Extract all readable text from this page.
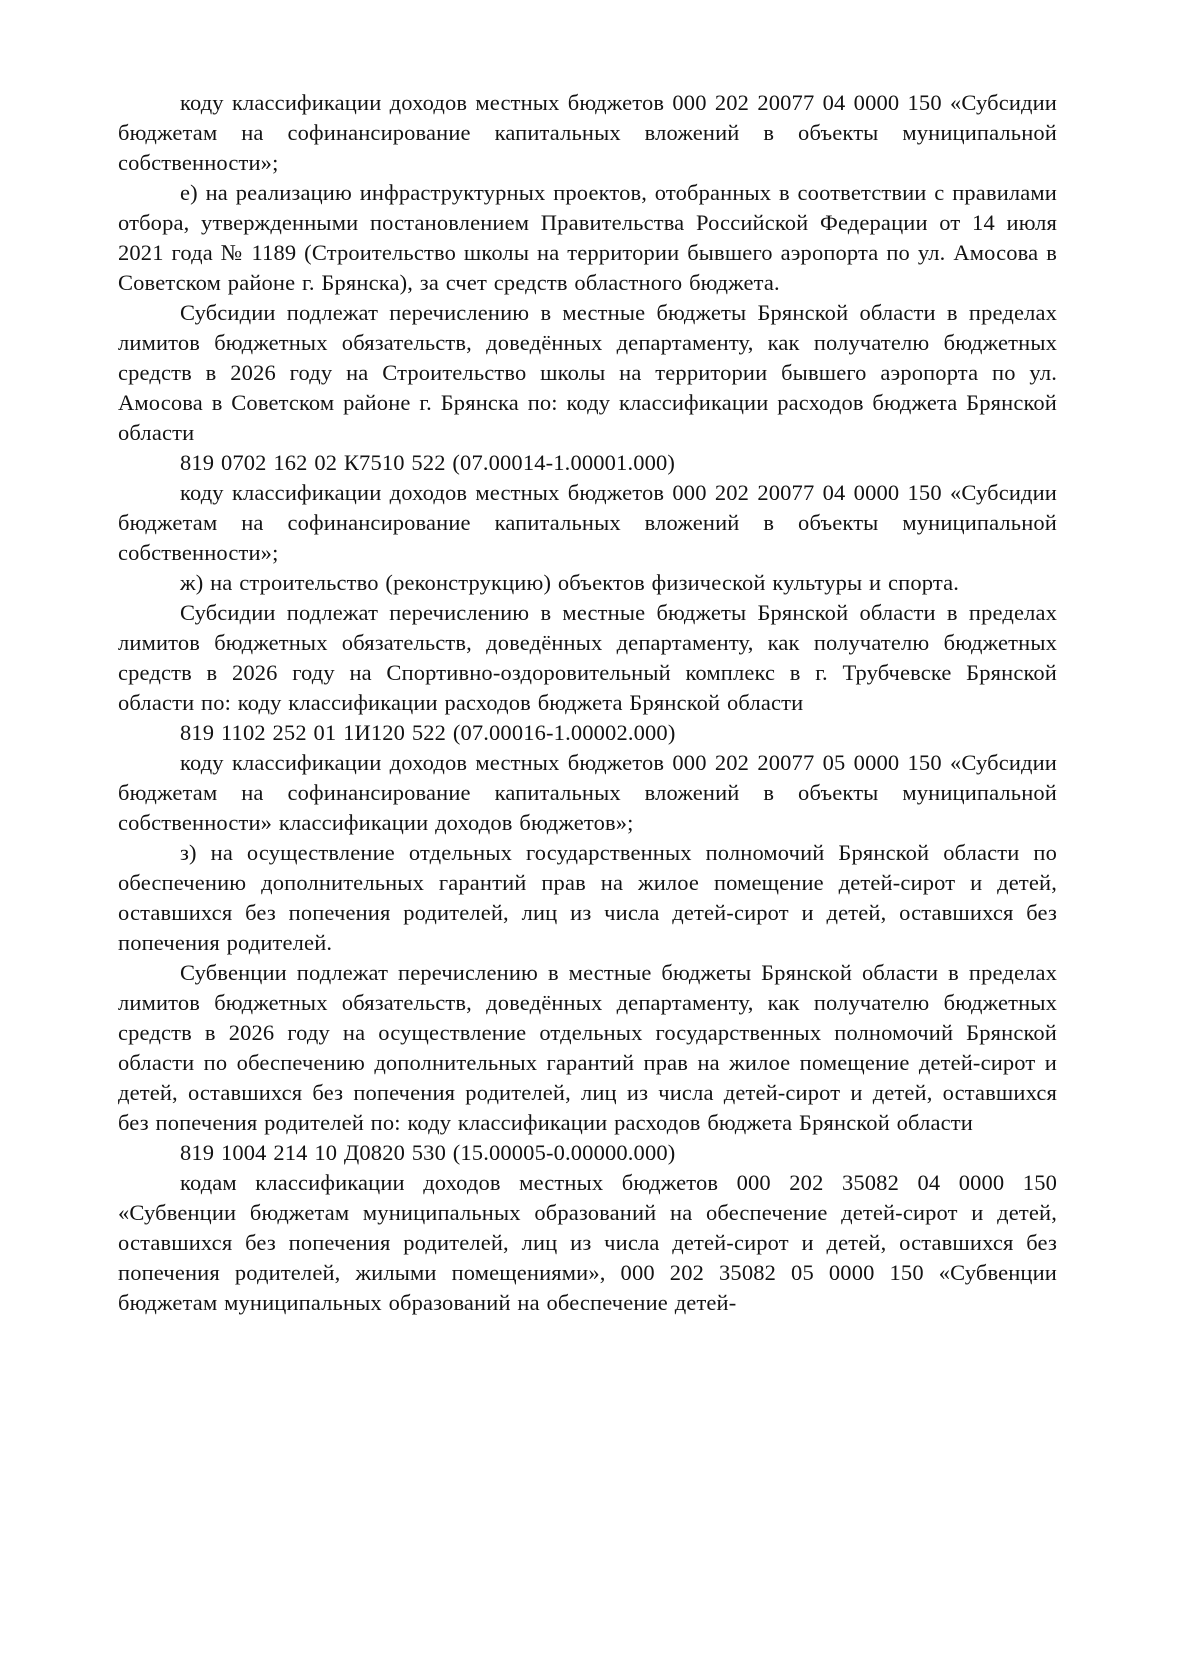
коду классификации доходов местных бюджетов 000 202 20077 04 0000 150 «Субсидии бюджетам на софинансирование капитальных вложений в объекты муниципальной собственности»;

е) на реализацию инфраструктурных проектов, отобранных в соответствии с правилами отбора, утвержденными постановлением Правительства Российской Федерации от 14 июля 2021 года № 1189 (Строительство школы на территории бывшего аэропорта по ул. Амосова в Советском районе г. Брянска), за счет средств областного бюджета.

Субсидии подлежат перечислению в местные бюджеты Брянской области в пределах лимитов бюджетных обязательств, доведённых департаменту, как получателю бюджетных средств в 2026 году на Строительство школы на территории бывшего аэропорта по ул. Амосова в Советском районе г. Брянска по: коду классификации расходов бюджета Брянской области

819 0702 162 02 К7510 522 (07.00014-1.00001.000)

коду классификации доходов местных бюджетов 000 202 20077 04 0000 150 «Субсидии бюджетам на софинансирование капитальных вложений в объекты муниципальной собственности»;

ж) на строительство (реконструкцию) объектов физической культуры и спорта.

Субсидии подлежат перечислению в местные бюджеты Брянской области в пределах лимитов бюджетных обязательств, доведённых департаменту, как получателю бюджетных средств в 2026 году на Спортивно-оздоровительный комплекс в г. Трубчевске Брянской области по: коду классификации расходов бюджета Брянской области

819 1102 252 01 1И120 522 (07.00016-1.00002.000)

коду классификации доходов местных бюджетов 000 202 20077 05 0000 150 «Субсидии бюджетам на софинансирование капитальных вложений в объекты муниципальной собственности» классификации доходов бюджетов»;

з) на осуществление отдельных государственных полномочий Брянской области по обеспечению дополнительных гарантий прав на жилое помещение детей-сирот и детей, оставшихся без попечения родителей, лиц из числа детей-сирот и детей, оставшихся без попечения родителей.

Субвенции подлежат перечислению в местные бюджеты Брянской области в пределах лимитов бюджетных обязательств, доведённых департаменту, как получателю бюджетных средств в 2026 году на осуществление отдельных государственных полномочий Брянской области по обеспечению дополнительных гарантий прав на жилое помещение детей-сирот и детей, оставшихся без попечения родителей, лиц из числа детей-сирот и детей, оставшихся без попечения родителей по: коду классификации расходов бюджета Брянской области

819 1004 214 10 Д0820 530 (15.00005-0.00000.000)

кодам классификации доходов местных бюджетов 000 202 35082 04 0000 150 «Субвенции бюджетам муниципальных образований на обеспечение детей-сирот и детей, оставшихся без попечения родителей, лиц из числа детей-сирот и детей, оставшихся без попечения родителей, жилыми помещениями», 000 202 35082 05 0000 150 «Субвенции бюджетам муниципальных образований на обеспечение детей-
